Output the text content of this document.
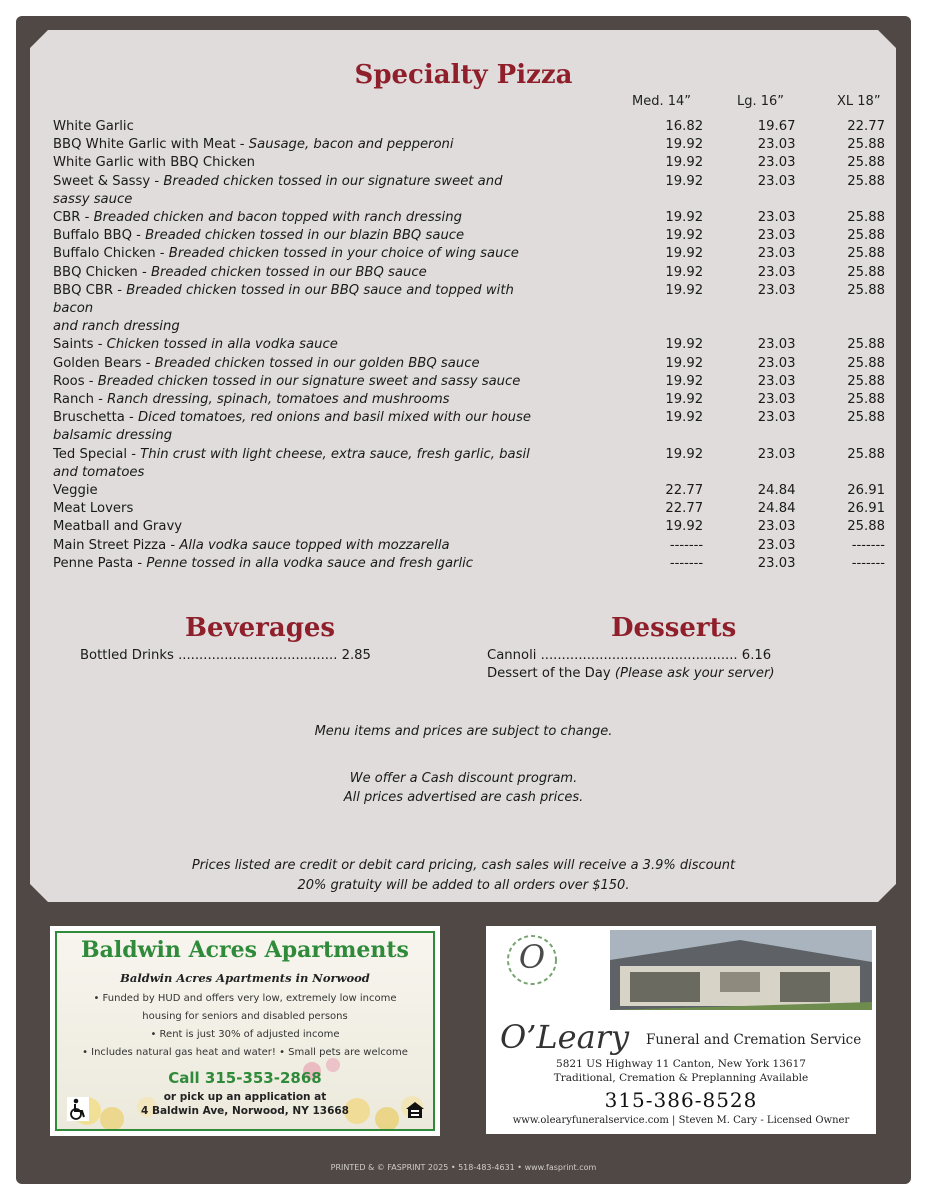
Specialty Pizza
Med. 14”	Lg. 16”	XL 18”
White Garlic	16.82	19.67	22.77
BBQ White Garlic with Meat - Sausage, bacon and pepperoni	19.92	23.03	25.88
White Garlic with BBQ Chicken	19.92	23.03	25.88
Sweet & Sassy - Breaded chicken tossed in our signature sweet and
sassy sauce
19.92	23.03	25.88
CBR - Breaded chicken and bacon topped with ranch dressing	19.92	23.03	25.88
Buffalo BBQ - Breaded chicken tossed in our blazin BBQ sauce	19.92	23.03	25.88
Buffalo Chicken - Breaded chicken tossed in your choice of wing sauce	19.92	23.03	25.88
BBQ Chicken - Breaded chicken tossed in our BBQ sauce	19.92	23.03	25.88
BBQ CBR - Breaded chicken tossed in our BBQ sauce and topped with bacon
and ranch dressing
19.92	23.03	25.88
Saints - Chicken tossed in alla vodka sauce	19.92	23.03	25.88
Golden Bears - Breaded chicken tossed in our golden BBQ sauce	19.92	23.03	25.88
Roos - Breaded chicken tossed in our signature sweet and sassy sauce	19.92	23.03	25.88
Ranch - Ranch dressing, spinach, tomatoes and mushrooms	19.92	23.03	25.88
Bruschetta - Diced tomatoes, red onions and basil mixed with our house
balsamic dressing
19.92	23.03	25.88
Ted Special - Thin crust with light cheese, extra sauce, fresh garlic, basil
and tomatoes
19.92	23.03	25.88
Veggie	22.77	24.84	26.91
Meat Lovers	22.77	24.84	26.91
Meatball and Gravy	19.92	23.03	25.88
Main Street Pizza - Alla vodka sauce topped with mozzarella	-------	23.03	-------
Penne Pasta - Penne tossed in alla vodka sauce and fresh garlic	-------	23.03	-------
Beverages
Bottled Drinks ...................................... 2.85
Desserts
Cannoli ............................................... 6.16
Dessert of the Day (Please ask your server)
Menu items and prices are subject to change.
We offer a Cash discount program.
All prices advertised are cash prices.
Prices listed are credit or debit card pricing, cash sales will receive a 3.9% discount
20% gratuity will be added to all orders over $150.
Baldwin Acres Apartments
Baldwin Acres Apartments in Norwood
• Funded by HUD and offers very low, extremely low income
housing for seniors and disabled persons
• Rent is just 30% of adjusted income
• Includes natural gas heat and water! • Small pets are welcome
Call 315-353-2868
or pick up an application at
4 Baldwin Ave, Norwood, NY 13668
O
O’Leary Funeral and Cremation Service
5821 US Highway 11 Canton, New York 13617
Traditional, Cremation & Preplanning Available
315-386-8528
www.olearyfuneralservice.com | Steven M. Cary - Licensed Owner
PRINTED & © FASPRINT 2025 • 518-483-4631 • www.fasprint.com
